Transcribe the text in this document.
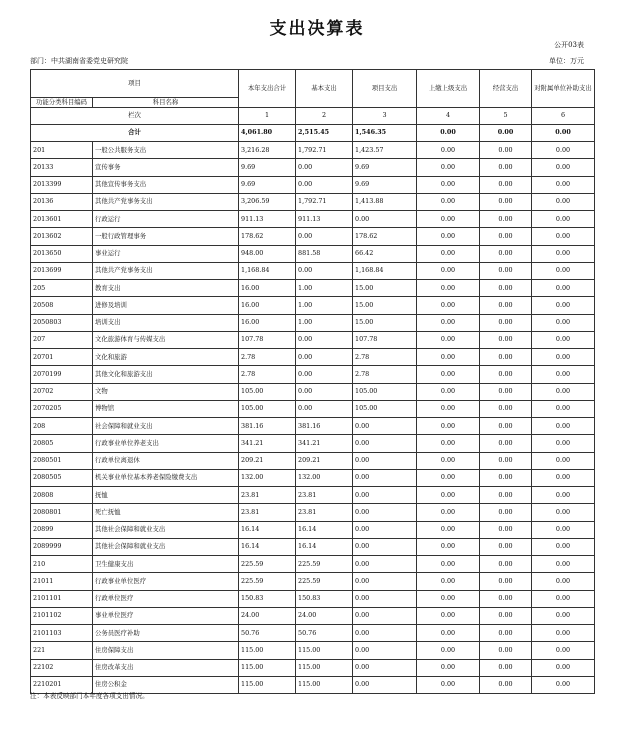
支出决算表
公开03表
部门：中共湖南省委党史研究院	单位：万元
项目		本年支出合计	基本支出	项目支出	上缴上级支出	经营支出	对附属单位补助支出
功能分类科目编码	科目名称						
栏次		1	2	3	4	5	6
合计		4,061.80	2,515.45	1,546.35	0.00	0.00	0.00
201	一般公共服务支出	3,216.28	1,792.71	1,423.57	0.00	0.00	0.00
20133	宣传事务	9.69	0.00	9.69	0.00	0.00	0.00
2013399	其他宣传事务支出	9.69	0.00	9.69	0.00	0.00	0.00
20136	其他共产党事务支出	3,206.59	1,792.71	1,413.88	0.00	0.00	0.00
2013601	行政运行	911.13	911.13	0.00	0.00	0.00	0.00
2013602	一般行政管理事务	178.62	0.00	178.62	0.00	0.00	0.00
2013650	事业运行	948.00	881.58	66.42	0.00	0.00	0.00
2013699	其他共产党事务支出	1,168.84	0.00	1,168.84	0.00	0.00	0.00
205	教育支出	16.00	1.00	15.00	0.00	0.00	0.00
20508	进修及培训	16.00	1.00	15.00	0.00	0.00	0.00
2050803	培训支出	16.00	1.00	15.00	0.00	0.00	0.00
207	文化旅游体育与传媒支出	107.78	0.00	107.78	0.00	0.00	0.00
20701	文化和旅游	2.78	0.00	2.78	0.00	0.00	0.00
2070199	其他文化和旅游支出	2.78	0.00	2.78	0.00	0.00	0.00
20702	文物	105.00	0.00	105.00	0.00	0.00	0.00
2070205	博物馆	105.00	0.00	105.00	0.00	0.00	0.00
208	社会保障和就业支出	381.16	381.16	0.00	0.00	0.00	0.00
20805	行政事业单位养老支出	341.21	341.21	0.00	0.00	0.00	0.00
2080501	行政单位离退休	209.21	209.21	0.00	0.00	0.00	0.00
2080505	机关事业单位基本养老保险缴费支出	132.00	132.00	0.00	0.00	0.00	0.00
20808	抚恤	23.81	23.81	0.00	0.00	0.00	0.00
2080801	死亡抚恤	23.81	23.81	0.00	0.00	0.00	0.00
20899	其他社会保障和就业支出	16.14	16.14	0.00	0.00	0.00	0.00
2089999	其他社会保障和就业支出	16.14	16.14	0.00	0.00	0.00	0.00
210	卫生健康支出	225.59	225.59	0.00	0.00	0.00	0.00
21011	行政事业单位医疗	225.59	225.59	0.00	0.00	0.00	0.00
2101101	行政单位医疗	150.83	150.83	0.00	0.00	0.00	0.00
2101102	事业单位医疗	24.00	24.00	0.00	0.00	0.00	0.00
2101103	公务员医疗补助	50.76	50.76	0.00	0.00	0.00	0.00
221	住房保障支出	115.00	115.00	0.00	0.00	0.00	0.00
22102	住房改革支出	115.00	115.00	0.00	0.00	0.00	0.00
2210201	住房公积金	115.00	115.00	0.00	0.00	0.00	0.00
注：本表反映部门本年度各项支出情况。
